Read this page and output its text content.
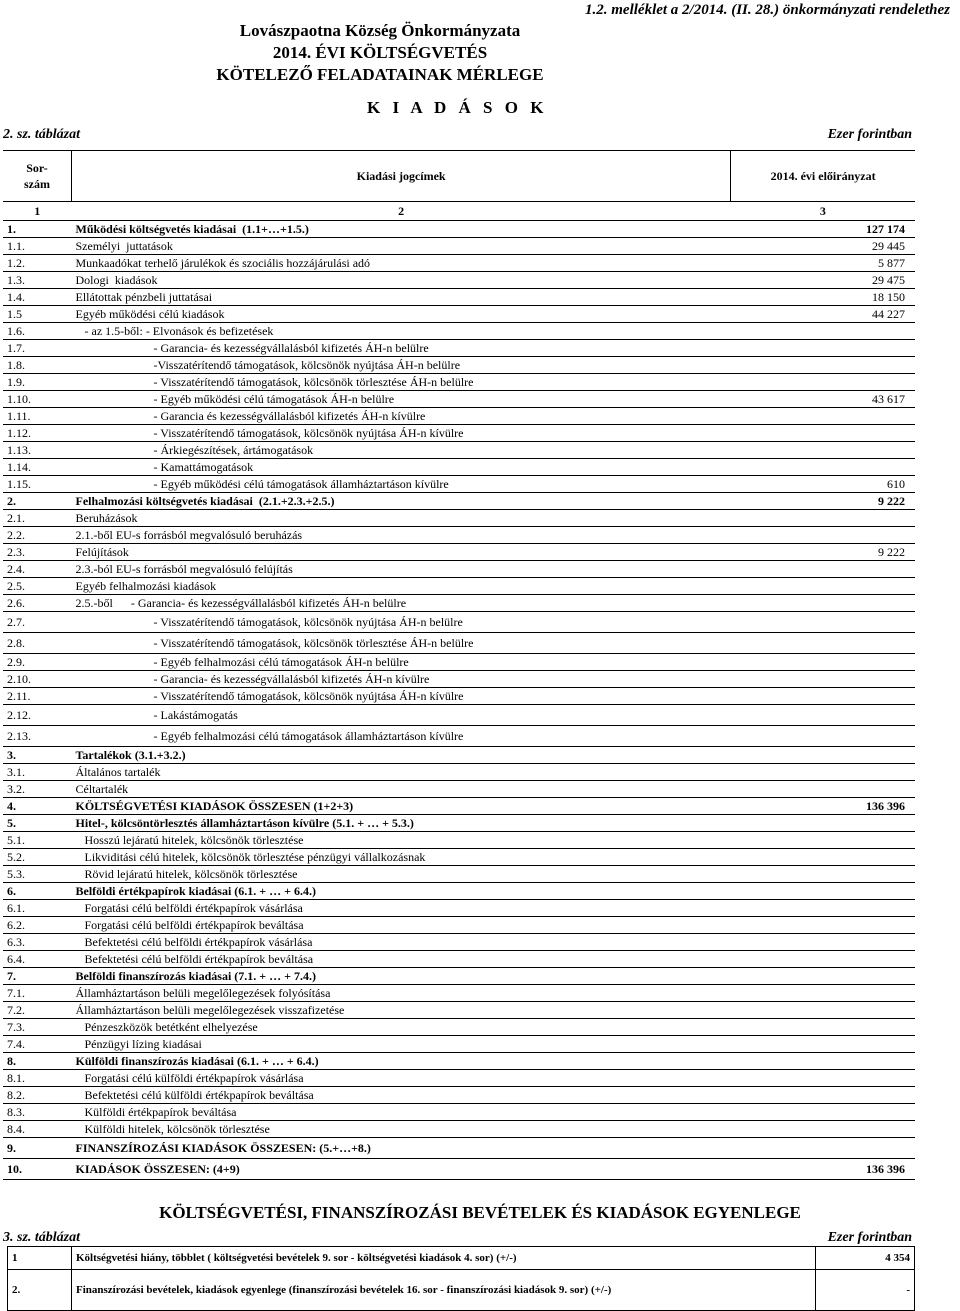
1.2. melléklet a 2/2014. (II. 28.) önkormányzati rendelethez
Lovászpaotna Község Önkormányzata
2014. ÉVI KÖLTSÉGVETÉS
KÖTELEZŐ FELADATAINAK MÉRLEGE
K I A D Á S O K
2. sz. táblázat	Ezer forintban
Sor-
szám	Kiadási jogcímek	2014. évi előirányzat
1	2	3
1.	Működési költségvetés kiadásai  (1.1+…+1.5.)	127 174
1.1.	Személyi  juttatások	29 445
1.2.	Munkaadókat terhelő járulékok és szociális hozzájárulási adó	5 877
1.3.	Dologi  kiadások	29 475
1.4.	Ellátottak pénzbeli juttatásai	18 150
1.5	Egyéb működési célú kiadások	44 227
1.6.	- az 1.5-ből: - Elvonások és befizetések	
1.7.	- Garancia- és kezességvállalásból kifizetés ÁH-n belülre	
1.8.	-Visszatérítendő támogatások, kölcsönök nyújtása ÁH-n belülre	
1.9.	- Visszatérítendő támogatások, kölcsönök törlesztése ÁH-n belülre	
1.10.	- Egyéb működési célú támogatások ÁH-n belülre	43 617
1.11.	- Garancia és kezességvállalásból kifizetés ÁH-n kívülre	
1.12.	- Visszatérítendő támogatások, kölcsönök nyújtása ÁH-n kívülre	
1.13.	- Árkiegészítések, ártámogatások	
1.14.	- Kamattámogatások	
1.15.	- Egyéb működési célú támogatások államháztartáson kívülre	610
2.	Felhalmozási költségvetés kiadásai  (2.1.+2.3.+2.5.)	9 222
2.1.	Beruházások	
2.2.	2.1.-ből EU-s forrásból megvalósuló beruházás	
2.3.	Felújítások	9 222
2.4.	2.3.-ból EU-s forrásból megvalósuló felújítás	
2.5.	Egyéb felhalmozási kiadások	
2.6.	2.5.-ből      - Garancia- és kezességvállalásból kifizetés ÁH-n belülre	
2.7.	- Visszatérítendő támogatások, kölcsönök nyújtása ÁH-n belülre	
2.8.	- Visszatérítendő támogatások, kölcsönök törlesztése ÁH-n belülre	
2.9.	- Egyéb felhalmozási célú támogatások ÁH-n belülre	
2.10.	- Garancia- és kezességvállalásból kifizetés ÁH-n kívülre	
2.11.	- Visszatérítendő támogatások, kölcsönök nyújtása ÁH-n kívülre	
2.12.	- Lakástámogatás	
2.13.	- Egyéb felhalmozási célú támogatások államháztartáson kívülre	
3.	Tartalékok (3.1.+3.2.)	
3.1.	Általános tartalék	
3.2.	Céltartalék	
4.	KÖLTSÉGVETÉSI KIADÁSOK ÖSSZESEN (1+2+3)	136 396
5.	Hitel-, kölcsöntörlesztés államháztartáson kívülre (5.1. + … + 5.3.)	
5.1.	Hosszú lejáratú hitelek, kölcsönök törlesztése	
5.2.	Likviditási célú hitelek, kölcsönök törlesztése pénzügyi vállalkozásnak	
5.3.	Rövid lejáratú hitelek, kölcsönök törlesztése	
6.	Belföldi értékpapírok kiadásai (6.1. + … + 6.4.)	
6.1.	Forgatási célú belföldi értékpapírok vásárlása	
6.2.	Forgatási célú belföldi értékpapírok beváltása	
6.3.	Befektetési célú belföldi értékpapírok vásárlása	
6.4.	Befektetési célú belföldi értékpapírok beváltása	
7.	Belföldi finanszírozás kiadásai (7.1. + … + 7.4.)	
7.1.	Államháztartáson belüli megelőlegezések folyósítása	
7.2.	Államháztartáson belüli megelőlegezések visszafizetése	
7.3.	Pénzeszközök betétként elhelyezése	
7.4.	Pénzügyi lízing kiadásai	
8.	Külföldi finanszírozás kiadásai (6.1. + … + 6.4.)	
8.1.	Forgatási célú külföldi értékpapírok vásárlása	
8.2.	Befektetési célú külföldi értékpapírok beváltása	
8.3.	Külföldi értékpapírok beváltása	
8.4.	Külföldi hitelek, kölcsönök törlesztése	
9.	FINANSZÍROZÁSI KIADÁSOK ÖSSZESEN: (5.+…+8.)	
10.	KIADÁSOK ÖSSZESEN: (4+9)	136 396
KÖLTSÉGVETÉSI, FINANSZÍROZÁSI BEVÉTELEK ÉS KIADÁSOK EGYENLEGE
3. sz. táblázat	Ezer forintban
1	Költségvetési hiány, többlet ( költségvetési bevételek 9. sor - költségvetési kiadások 4. sor) (+/-)	4 354
2.	Finanszírozási bevételek, kiadások egyenlege (finanszírozási bevételek 16. sor - finanszírozási kiadások 9. sor) (+/-)	-
